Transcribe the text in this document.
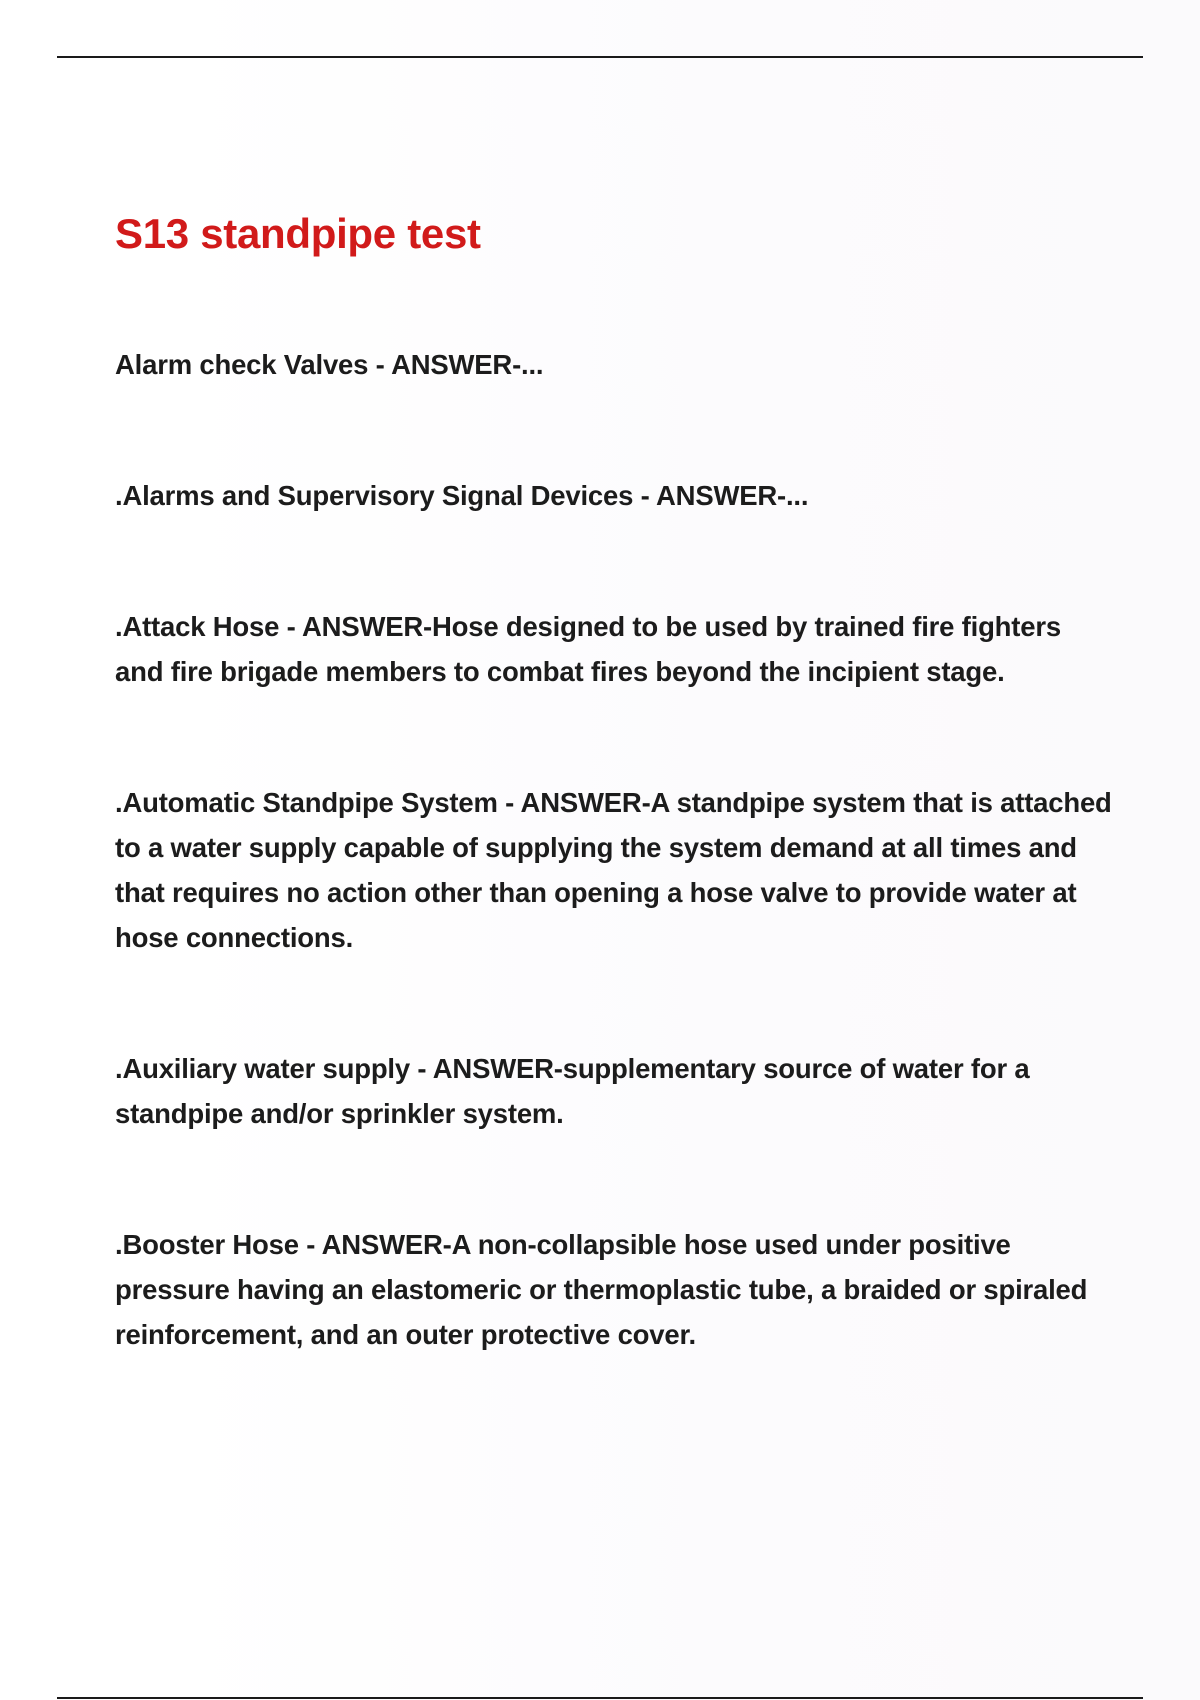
S13 standpipe test

Alarm check Valves - ANSWER-...

.Alarms and Supervisory Signal Devices - ANSWER-...

.Attack Hose - ANSWER-Hose designed to be used by trained fire fighters and fire brigade members to combat fires beyond the incipient stage.

.Automatic Standpipe System - ANSWER-A standpipe system that is attached to a water supply capable of supplying the system demand at all times and that requires no action other than opening a hose valve to provide water at hose connections.

.Auxiliary water supply - ANSWER-supplementary source of water for a standpipe and/or sprinkler system.

.Booster Hose - ANSWER-A non-collapsible hose used under positive pressure having an elastomeric or thermoplastic tube, a braided or spiraled reinforcement, and an outer protective cover.
